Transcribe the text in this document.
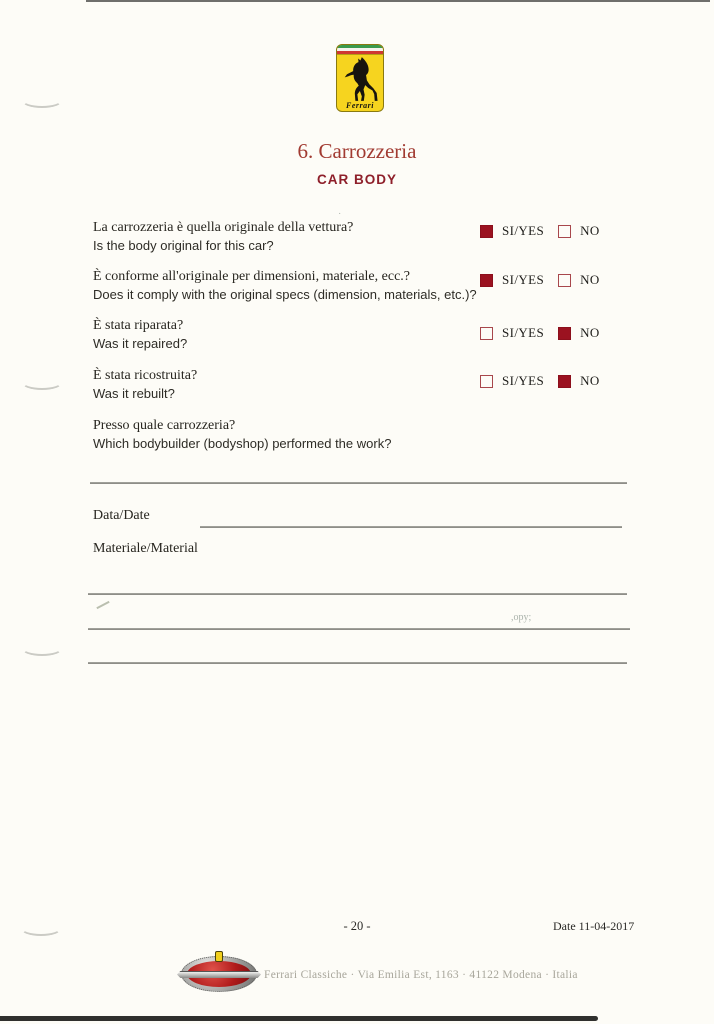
Ferrari
6. Carrozzeria
CAR BODY
La carrozzeria è quella originale della vettura?
Is the body original for this car?
SI/YES	NO
È conforme all'originale per dimensioni, materiale, ecc.?
Does it comply with the original specs (dimension, materials, etc.)?
SI/YES	NO
È stata riparata?
Was it repaired?
SI/YES	NO
È stata ricostruita?
Was it rebuilt?
SI/YES	NO
Presso quale carrozzeria?
Which bodybuilder (bodyshop) performed the work?
Data/Date
Materiale/Material
,opy;
˙
- 20 -	Date 11-04-2017
Ferrari Classiche · Via Emilia Est, 1163 · 41122 Modena · Italia
